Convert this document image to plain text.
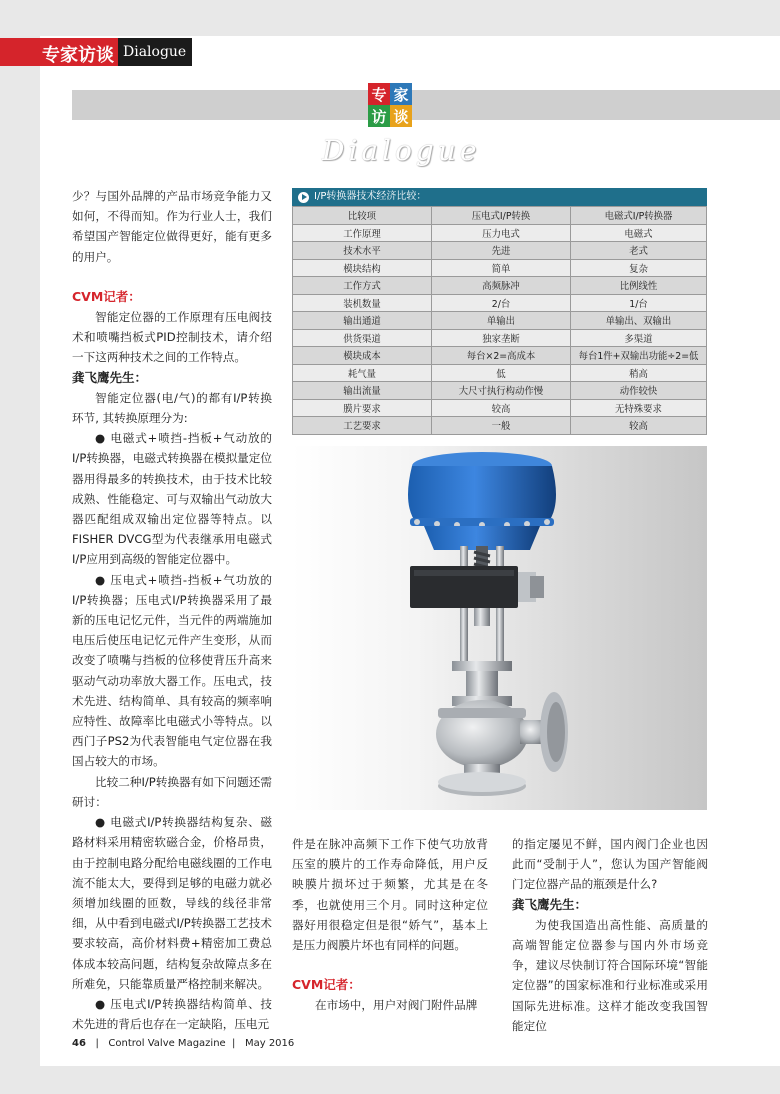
专家访谈 Dialogue
专 家
访 谈
Dialogue

少？与国外品牌的产品市场竞争能力又如何，不得而知。作为行业人士，我们希望国产智能定位做得更好，能有更多的用户。

CVM记者：

智能定位器的工作原理有压电阀技术和喷嘴挡板式PID控制技术，请介绍一下这两种技术之间的工作特点。

龚飞鹰先生：

智能定位器(电/气)的都有I/P转换环节, 其转换原理分为:

● 电磁式+喷挡-挡板+气动放的I/P转换器，电磁式转换器在模拟量定位器用得最多的转换技术，由于技术比较成熟、性能稳定、可与双输出气动放大器匹配组成双输出定位器等特点。以FISHER DVCG型为代表继承用电磁式I/P应用到高级的智能定位器中。

● 压电式+喷挡-挡板+气功放的I/P转换器；压电式I/P转换器采用了最新的压电记忆元件，当元件的两端施加电压后使压电记忆元件产生变形，从而改变了喷嘴与挡板的位移使背压升高来驱动气动功率放大器工作。压电式，技术先进、结构简单、具有较高的频率响应特性、故障率比电磁式小等特点。以西门子PS2为代表智能电气定位器在我国占较大的市场。

比较二种I/P转换器有如下问题还需研讨：

● 电磁式I/P转换器结构复杂、磁路材料采用精密软磁合金，价格昂贵，由于控制电路分配给电磁线圈的工作电流不能太大，要得到足够的电磁力就必须增加线圈的匝数，导线的线径非常细，从中看到电磁式I/P转换器工艺技术要求较高，高价材料费+精密加工费总体成本较高问题，结构复杂故障点多在所难免，只能靠质量严格控制来解决。

● 压电式I/P转换器结构简单、技术先进的背后也存在一定缺陷，压电元

I/P转换器技术经济比较：
比较项	压电式I/P转换	电磁式I/P转换器
工作原理	压力电式	电磁式
技术水平	先进	老式
模块结构	简单	复杂
工作方式	高频脉冲	比例线性
装机数量	2/台	1/台
输出通道	单输出	单输出、双输出
供货渠道	独家垄断	多渠道
模块成本	每台×2=高成本	每台1件+双输出功能÷2=低
耗气量	低	稍高
输出流量	大尺寸执行构动作慢	动作较快
膜片要求	较高	无特殊要求
工艺要求	一般	较高

件是在脉冲高频下工作下使气功放背压室的膜片的工作寿命降低，用户反映膜片损坏过于频繁，尤其是在冬季，也就使用三个月。同时这种定位器好用很稳定但是很“娇气”，基本上是压力阀膜片坏也有同样的问题。

CVM记者：

在市场中，用户对阀门附件品牌

的指定屡见不鲜，国内阀门企业也因此而“受制于人”，您认为国产智能阀门定位器产品的瓶颈是什么?

龚飞鹰先生：

为使我国造出高性能、高质量的高端智能定位器参与国内外市场竞争，建议尽快制订符合国际环境“智能定位器”的国家标准和行业标准或采用国际先进标准。这样才能改变我国智能定位

46   |   Control Valve Magazine  |   May 2016
